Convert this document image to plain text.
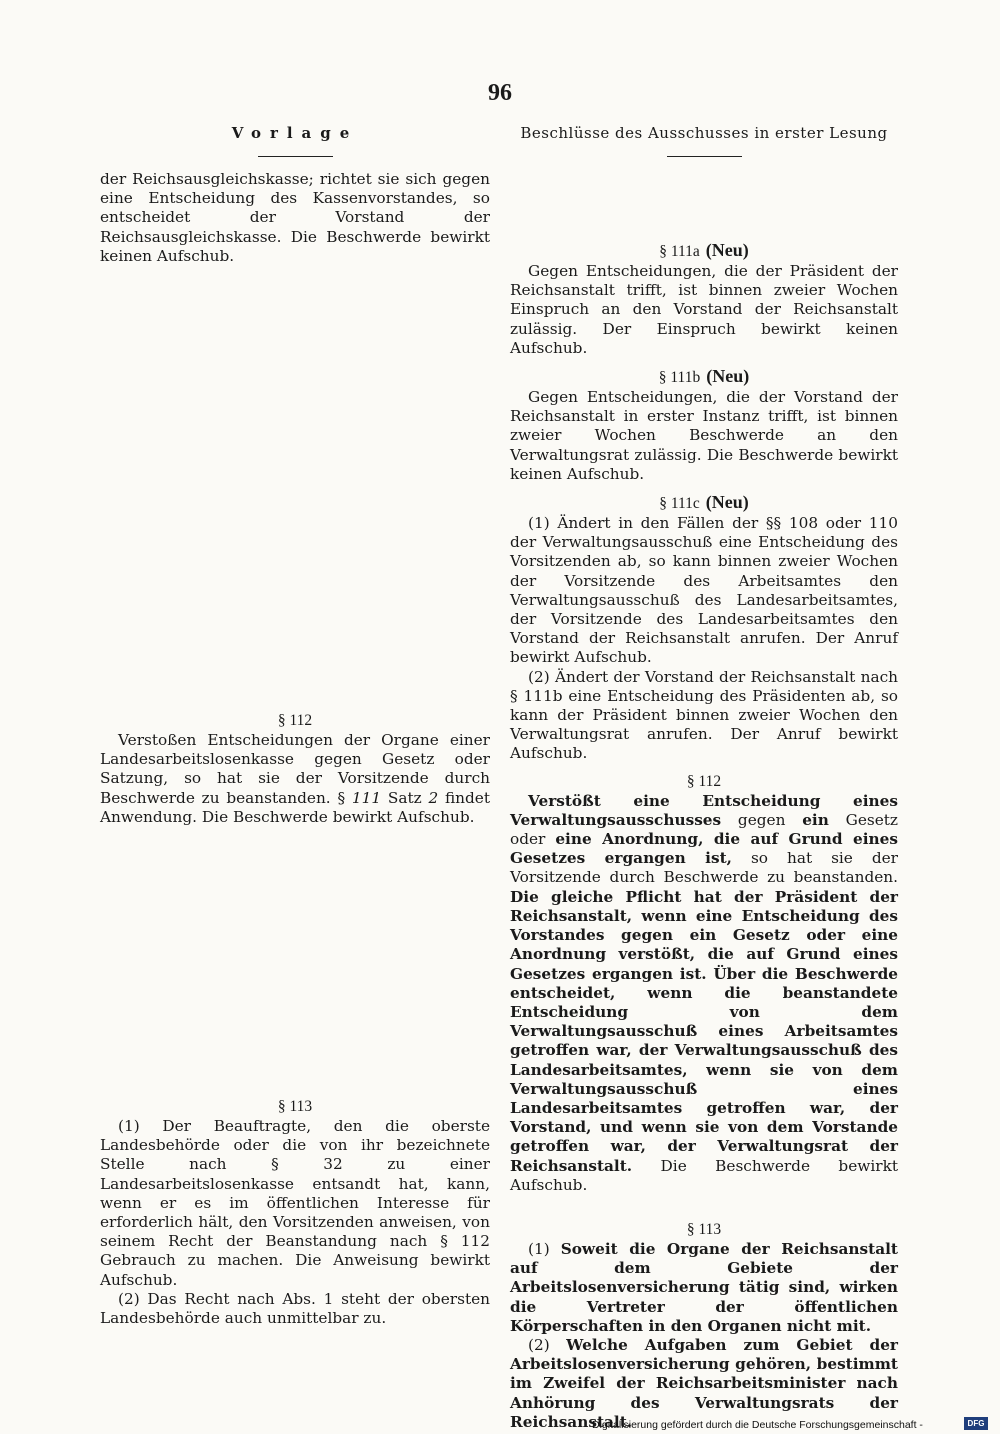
96
Vorlage

der Reichsausgleichskasse; richtet sie sich gegen eine Entscheidung des Kassenvorstandes, so entscheidet der Vorstand der Reichsausgleichskasse. Die Beschwerde bewirkt keinen Aufschub.

§ 112

Verstoßen Entscheidungen der Organe einer Landesarbeitslosenkasse gegen Gesetz oder Satzung, so hat sie der Vorsitzende durch Beschwerde zu beanstanden. § 111 Satz 2 findet Anwendung. Die Beschwerde bewirkt Aufschub.

§ 113

(1) Der Beauftragte, den die oberste Landesbehörde oder die von ihr bezeichnete Stelle nach § 32 zu einer Landesarbeitslosenkasse entsandt hat, kann, wenn er es im öffentlichen Interesse für erforderlich hält, den Vorsitzenden anweisen, von seinem Recht der Beanstandung nach § 112 Gebrauch zu machen. Die Anweisung bewirkt Aufschub.

(2) Das Recht nach Abs. 1 steht der obersten Landesbehörde auch unmittelbar zu.

Beschlüsse des Ausschusses in erster Lesung
§ 111a (Neu)

Gegen Entscheidungen, die der Präsident der Reichsanstalt trifft, ist binnen zweier Wochen Einspruch an den Vorstand der Reichsanstalt zulässig. Der Einspruch bewirkt keinen Aufschub.

§ 111b (Neu)

Gegen Entscheidungen, die der Vorstand der Reichsanstalt in erster Instanz trifft, ist binnen zweier Wochen Beschwerde an den Verwaltungsrat zulässig. Die Beschwerde bewirkt keinen Aufschub.

§ 111c (Neu)

(1) Ändert in den Fällen der §§ 108 oder 110 der Verwaltungsausschuß eine Entscheidung des Vorsitzenden ab, so kann binnen zweier Wochen der Vorsitzende des Arbeitsamtes den Verwaltungsausschuß des Landesarbeitsamtes, der Vorsitzende des Landesarbeitsamtes den Vorstand der Reichsanstalt anrufen. Der Anruf bewirkt Aufschub.

(2) Ändert der Vorstand der Reichsanstalt nach § 111b eine Entscheidung des Präsidenten ab, so kann der Präsident binnen zweier Wochen den Verwaltungsrat anrufen. Der Anruf bewirkt Aufschub.

§ 112

Verstößt eine Entscheidung eines Verwaltungsausschusses gegen ein Gesetz oder eine Anordnung, die auf Grund eines Gesetzes ergangen ist, so hat sie der Vorsitzende durch Beschwerde zu beanstanden. Die gleiche Pflicht hat der Präsident der Reichsanstalt, wenn eine Entscheidung des Vorstandes gegen ein Gesetz oder eine Anordnung verstößt, die auf Grund eines Gesetzes ergangen ist. Über die Beschwerde entscheidet, wenn die beanstandete Entscheidung von dem Verwaltungsausschuß eines Arbeitsamtes getroffen war, der Verwaltungsausschuß des Landesarbeitsamtes, wenn sie von dem Verwaltungsausschuß eines Landesarbeitsamtes getroffen war, der Vorstand, und wenn sie von dem Vorstande getroffen war, der Verwaltungsrat der Reichsanstalt. Die Beschwerde bewirkt Aufschub.

§ 113

(1) Soweit die Organe der Reichsanstalt auf dem Gebiete der Arbeitslosenversicherung tätig sind, wirken die Vertreter der öffentlichen Körperschaften in den Organen nicht mit.

(2) Welche Aufgaben zum Gebiet der Arbeitslosenversicherung gehören, bestimmt im Zweifel der Reichsarbeitsminister nach Anhörung des Verwaltungsrats der Reichsanstalt.

Digitalisierung gefördert durch die Deutsche Forschungsgemeinschaft -	DFG
